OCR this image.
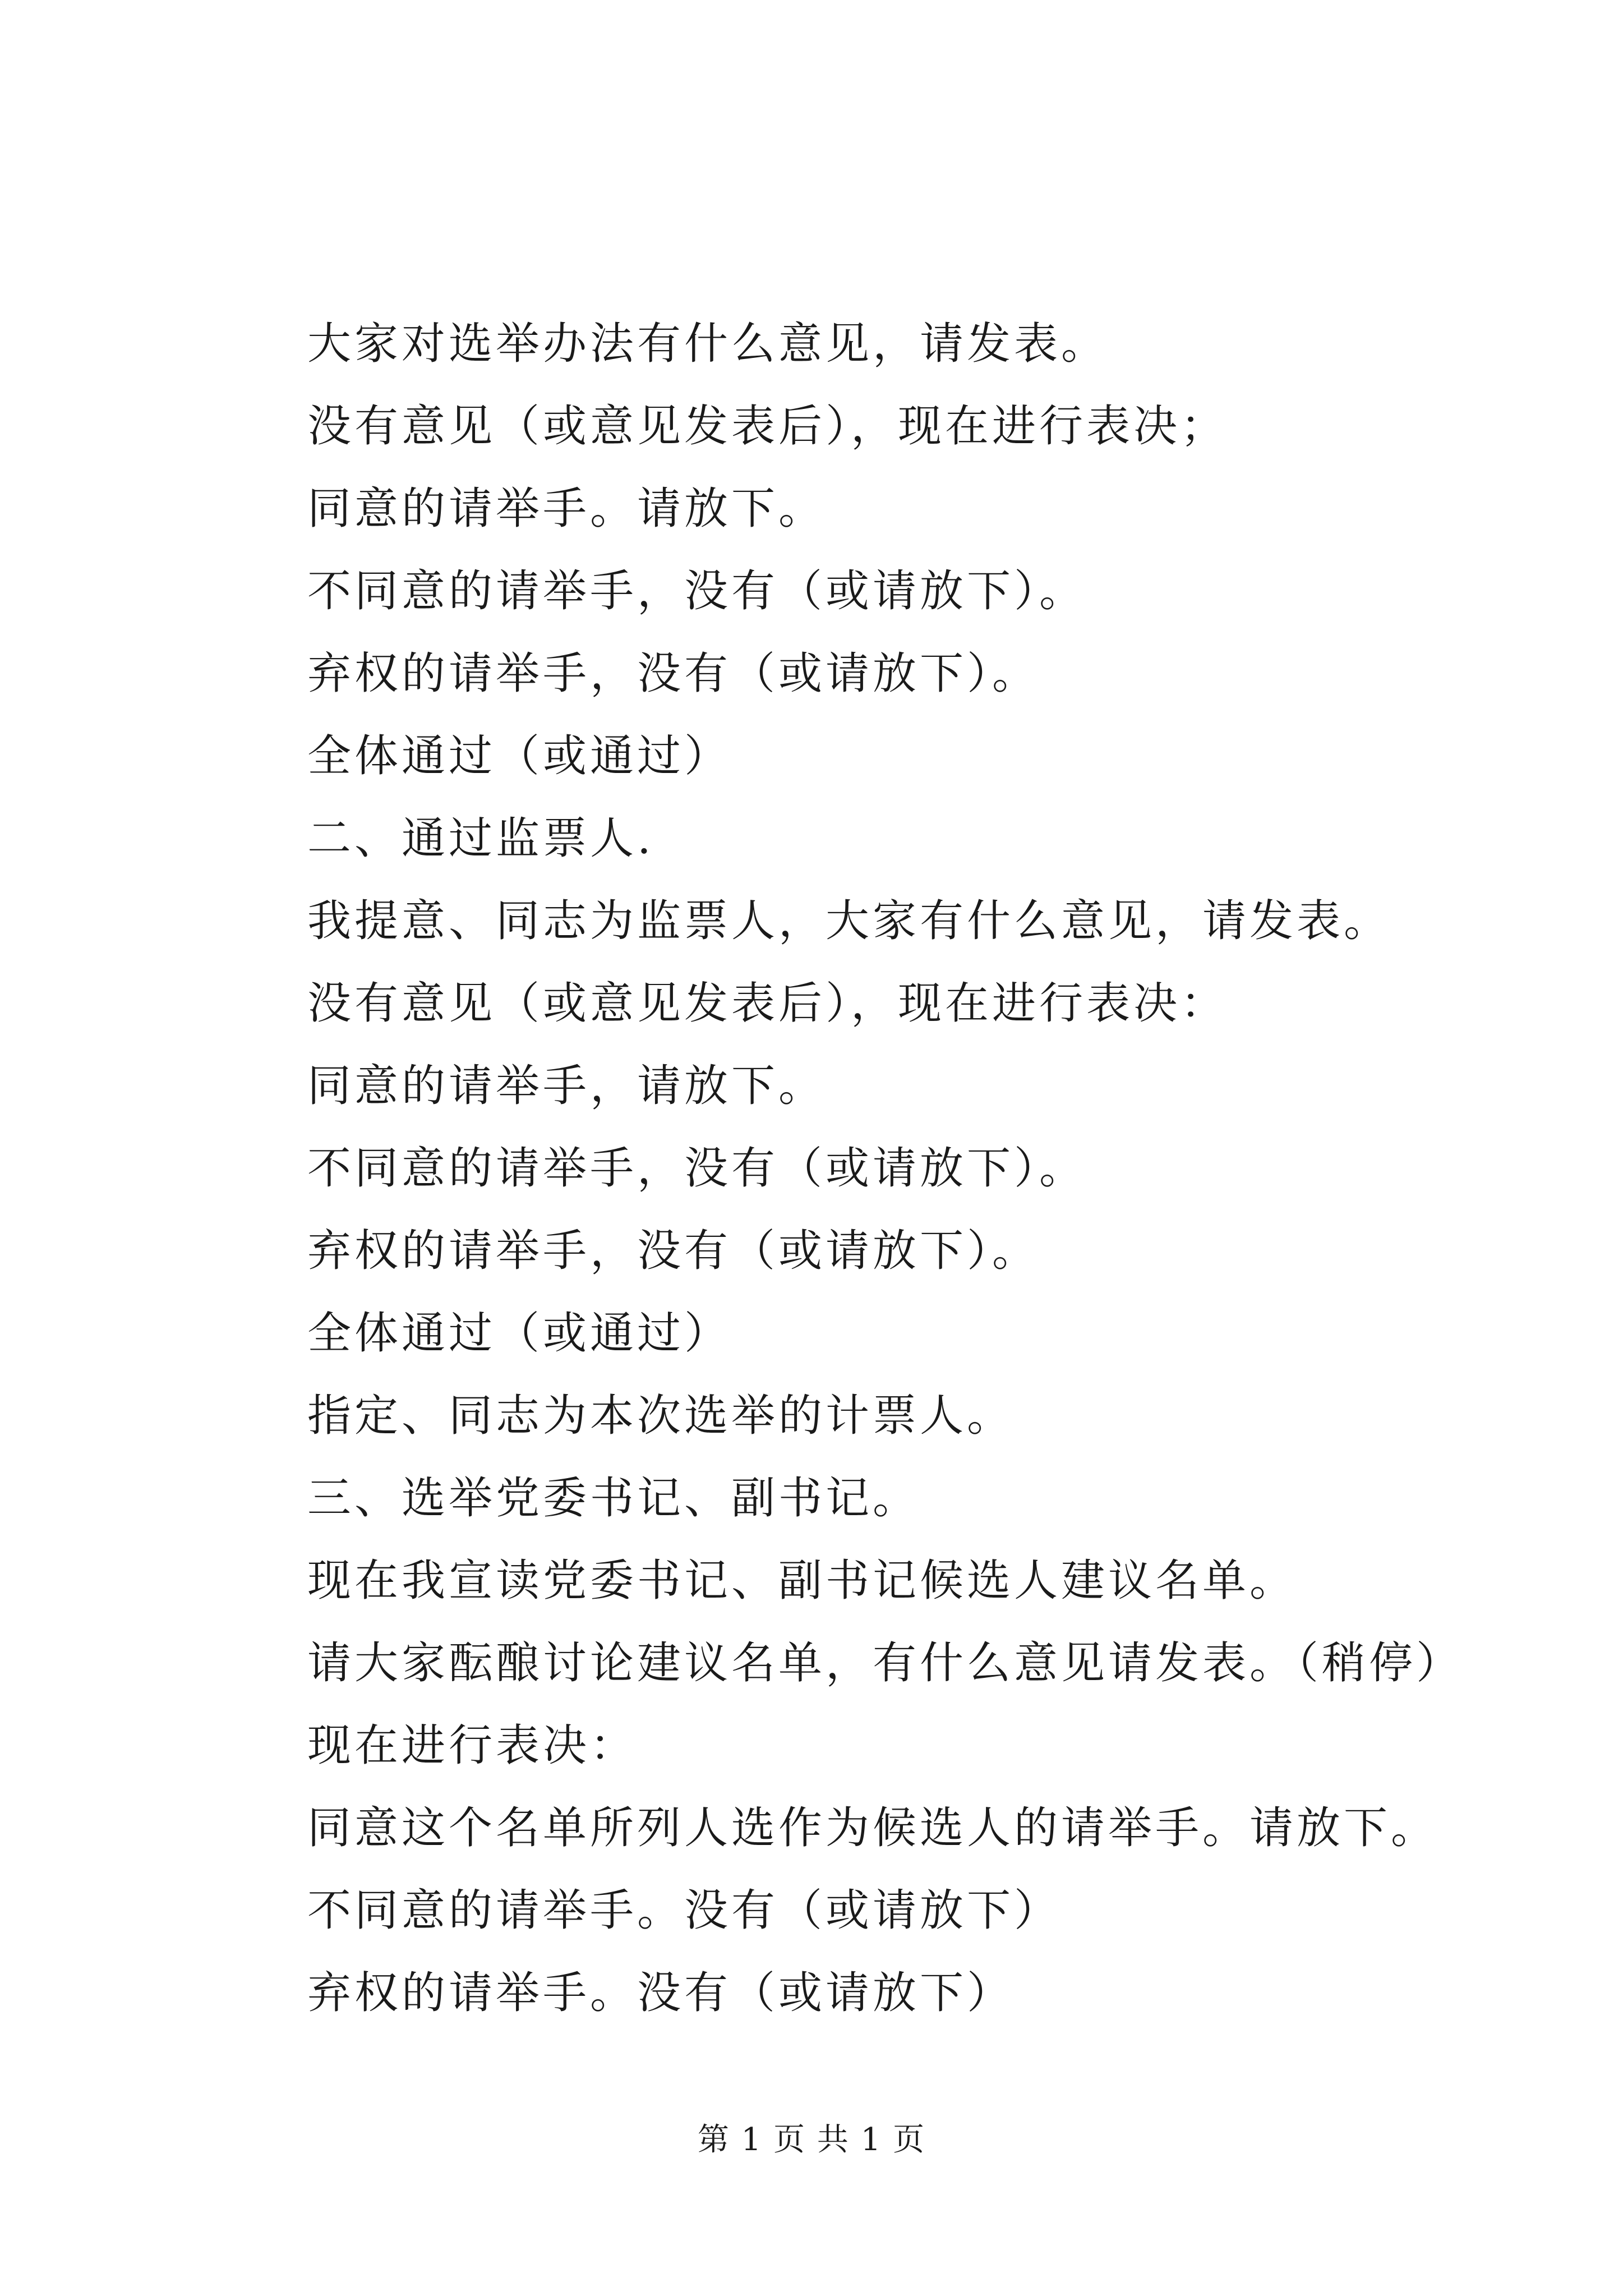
大家对选举办法有什么意见，请发表。
没有意见（或意见发表后），现在进行表决；
同意的请举手。请放下。
不同意的请举手，没有（或请放下）。
弃权的请举手，没有（或请放下）。
全体通过（或通过）
二、通过监票人.
我提意、同志为监票人，大家有什么意见，请发表。
没有意见（或意见发表后），现在进行表决：
同意的请举手，请放下。
不同意的请举手，没有（或请放下）。
弃权的请举手，没有（或请放下）。
全体通过（或通过）
指定、同志为本次选举的计票人。
三、选举党委书记、副书记。
现在我宣读党委书记、副书记候选人建议名单。
请大家酝酿讨论建议名单，有什么意见请发表。（稍停）
现在进行表决：
同意这个名单所列人选作为候选人的请举手。请放下。
不同意的请举手。没有（或请放下）
弃权的请举手。没有（或请放下）
第 1 页 共 1 页
